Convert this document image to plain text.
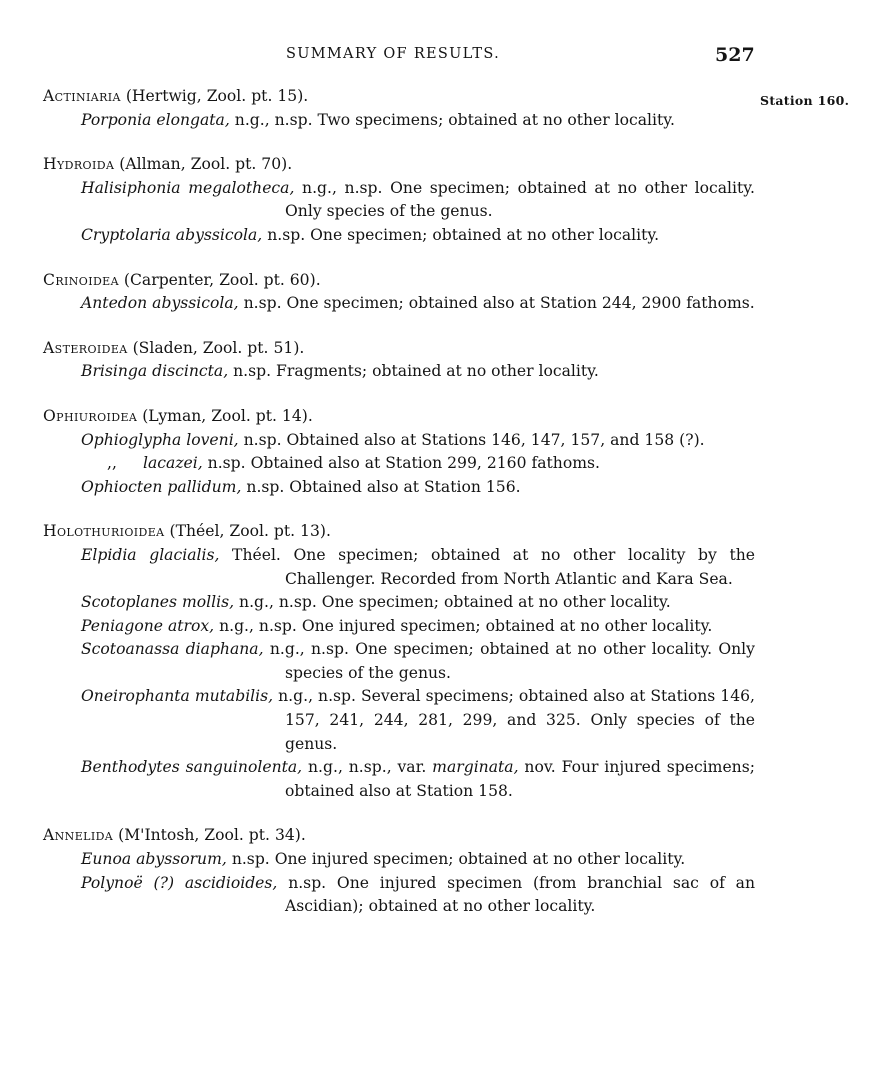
SUMMARY OF RESULTS.	527
Station 160.
Actiniaria (Hertwig, Zool. pt. 15).
Porponia elongata, n.g., n.sp. Two specimens; obtained at no other locality.
Hydroida (Allman, Zool. pt. 70).
Halisiphonia megalotheca, n.g., n.sp. One specimen; obtained at no other locality. Only species of the genus.
Cryptolaria abyssicola, n.sp. One specimen; obtained at no other locality.
Crinoidea (Carpenter, Zool. pt. 60).
Antedon abyssicola, n.sp. One specimen; obtained also at Station 244, 2900 fathoms.
Asteroidea (Sladen, Zool. pt. 51).
Brisinga discincta, n.sp. Fragments; obtained at no other locality.
Ophiuroidea (Lyman, Zool. pt. 14).
Ophioglypha loveni, n.sp. Obtained also at Stations 146, 147, 157, and 158 (?).
,, lacazei, n.sp. Obtained also at Station 299, 2160 fathoms.
Ophiocten pallidum, n.sp. Obtained also at Station 156.
Holothurioidea (Théel, Zool. pt. 13).
Elpidia glacialis, Théel. One specimen; obtained at no other locality by the Challenger. Recorded from North Atlantic and Kara Sea.
Scotoplanes mollis, n.g., n.sp. One specimen; obtained at no other locality.
Peniagone atrox, n.g., n.sp. One injured specimen; obtained at no other locality.
Scotoanassa diaphana, n.g., n.sp. One specimen; obtained at no other locality. Only species of the genus.
Oneirophanta mutabilis, n.g., n.sp. Several specimens; obtained also at Stations 146, 157, 241, 244, 281, 299, and 325. Only species of the genus.
Benthodytes sanguinolenta, n.g., n.sp., var. marginata, nov. Four injured specimens; obtained also at Station 158.
Annelida (M'Intosh, Zool. pt. 34).
Eunoa abyssorum, n.sp. One injured specimen; obtained at no other locality.
Polynoë (?) ascidioides, n.sp. One injured specimen (from branchial sac of an Ascidian); obtained at no other locality.
